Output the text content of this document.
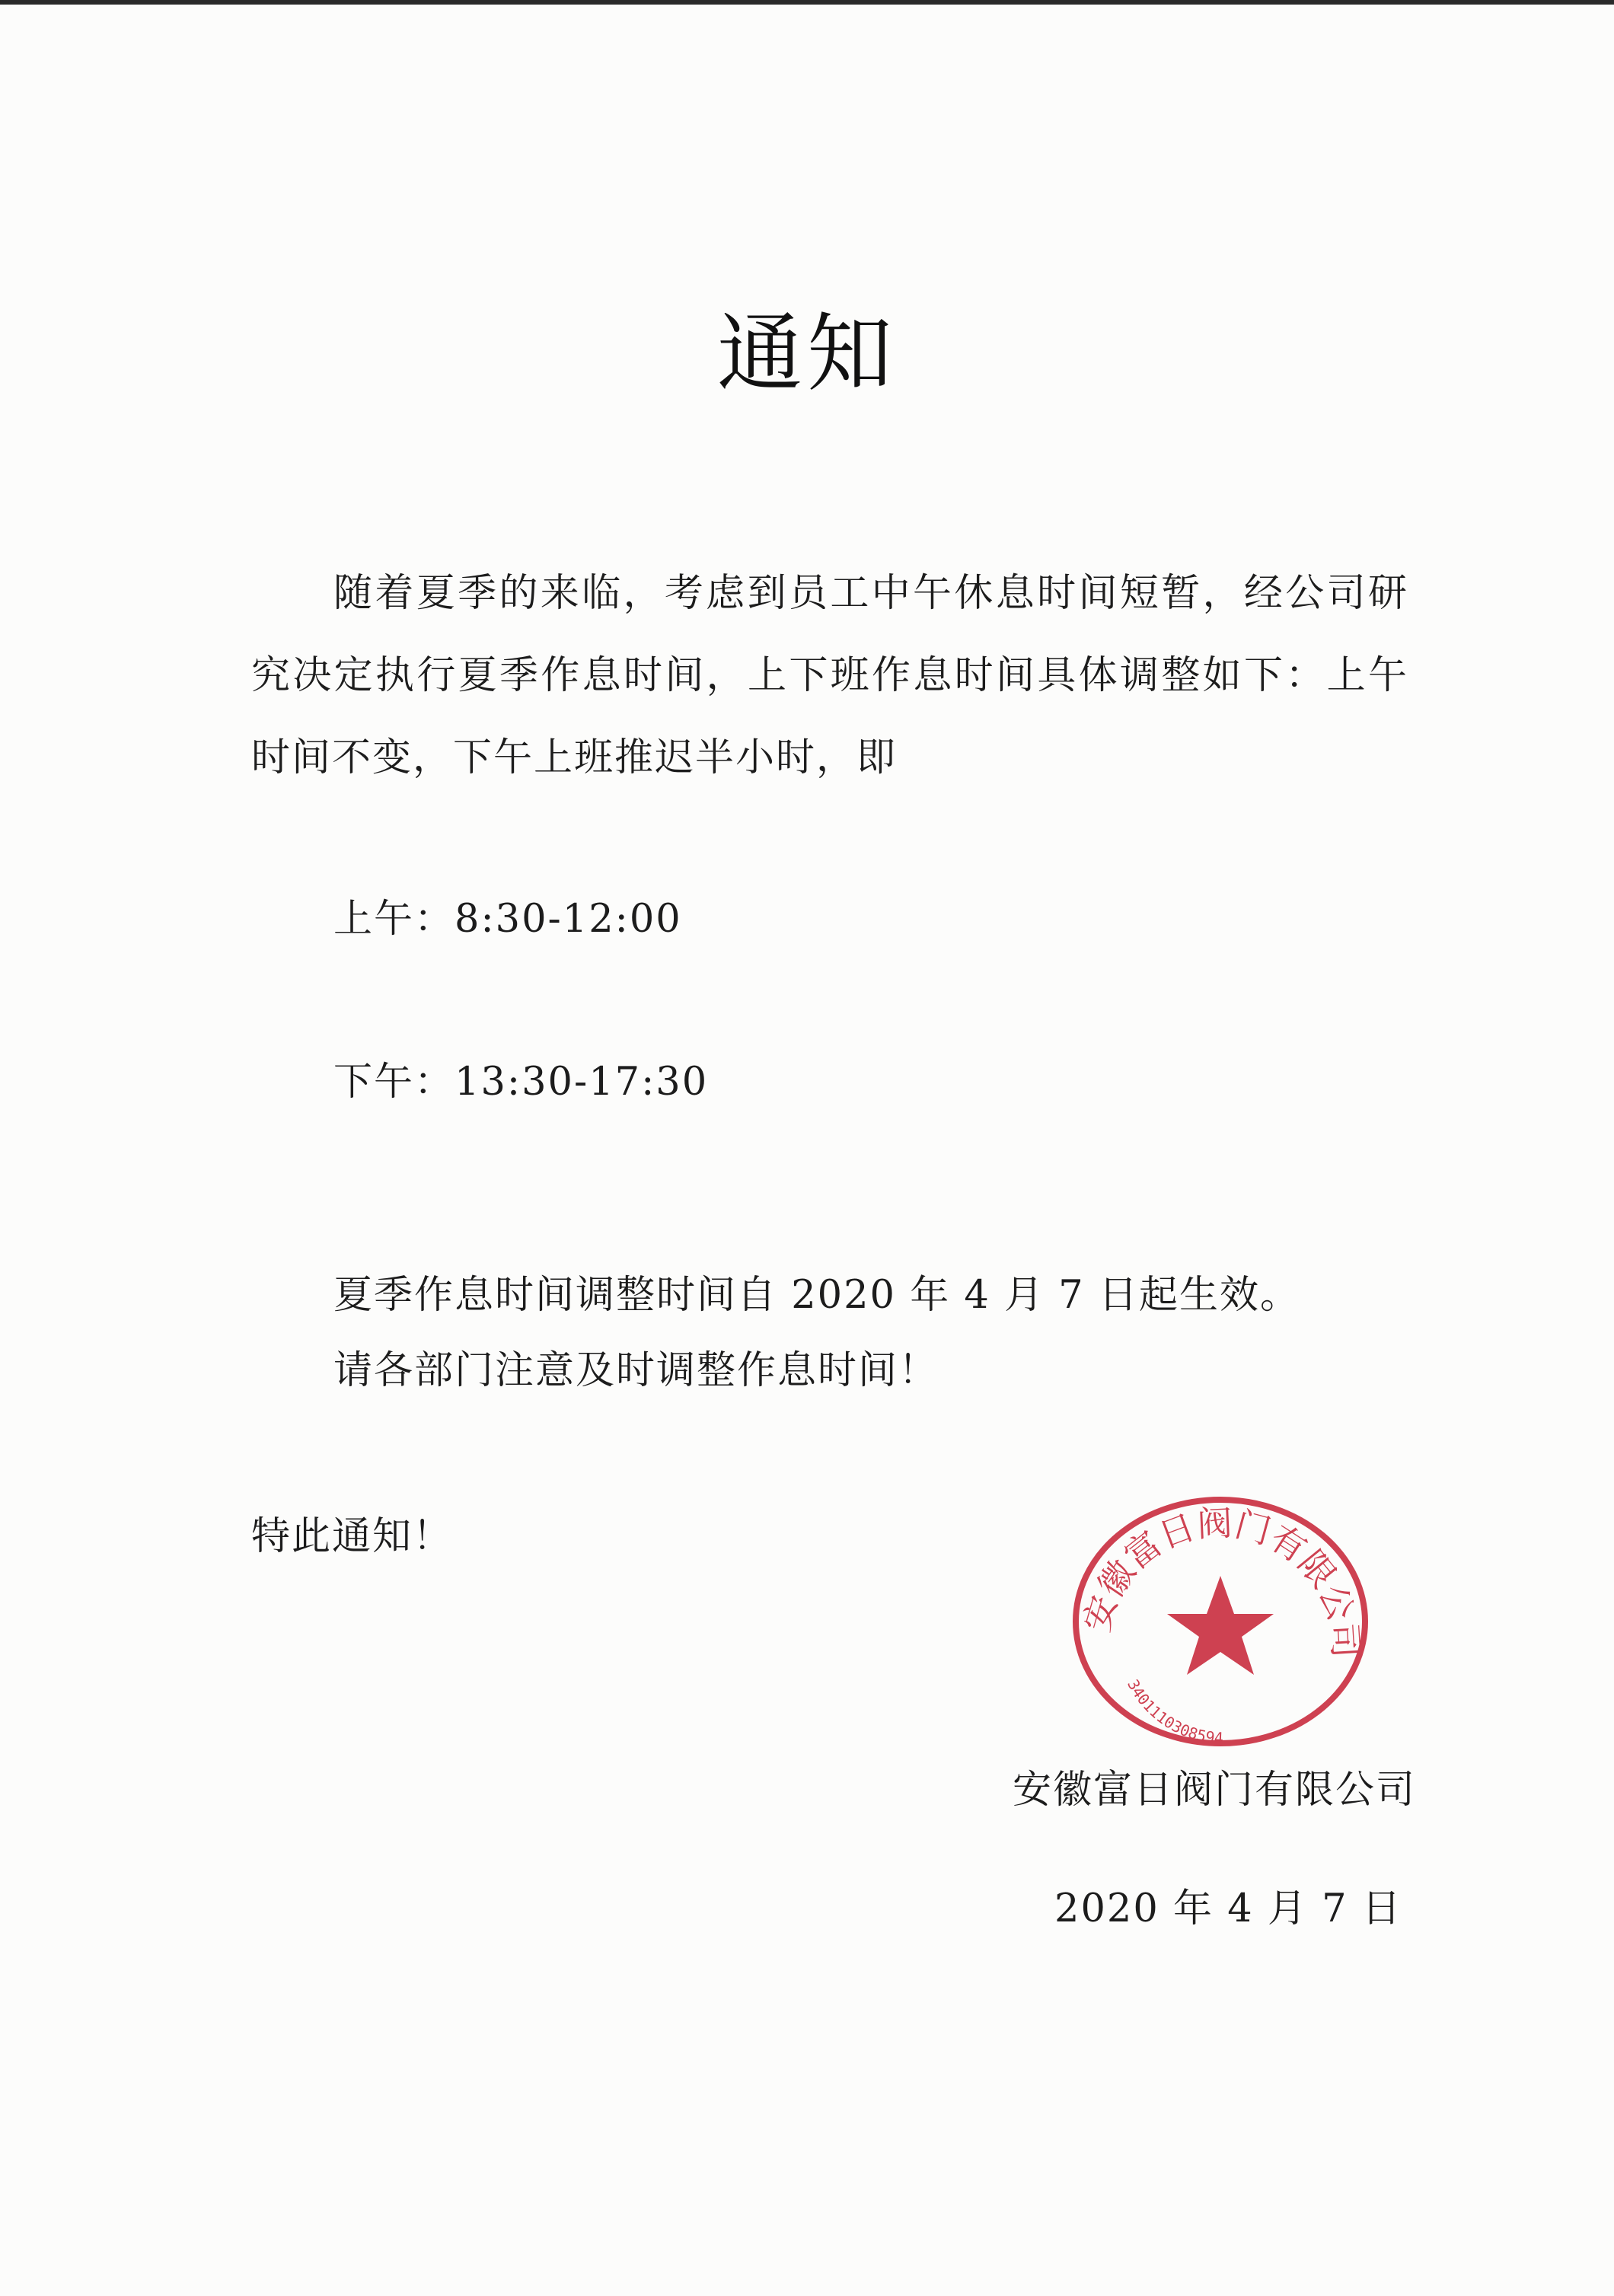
通知
随着夏季的来临，考虑到员工中午休息时间短暂，经公司研究决定执行夏季作息时间，上下班作息时间具体调整如下：上午时间不变，下午上班推迟半小时，即
上午：8:30-12:00
下午：13:30-17:30
夏季作息时间调整时间自 2020 年 4 月 7 日起生效。
请各部门注意及时调整作息时间！
特此通知！
安徽富日阀门有限公司
3401110308594
安徽富日阀门有限公司
2020 年 4 月 7 日
